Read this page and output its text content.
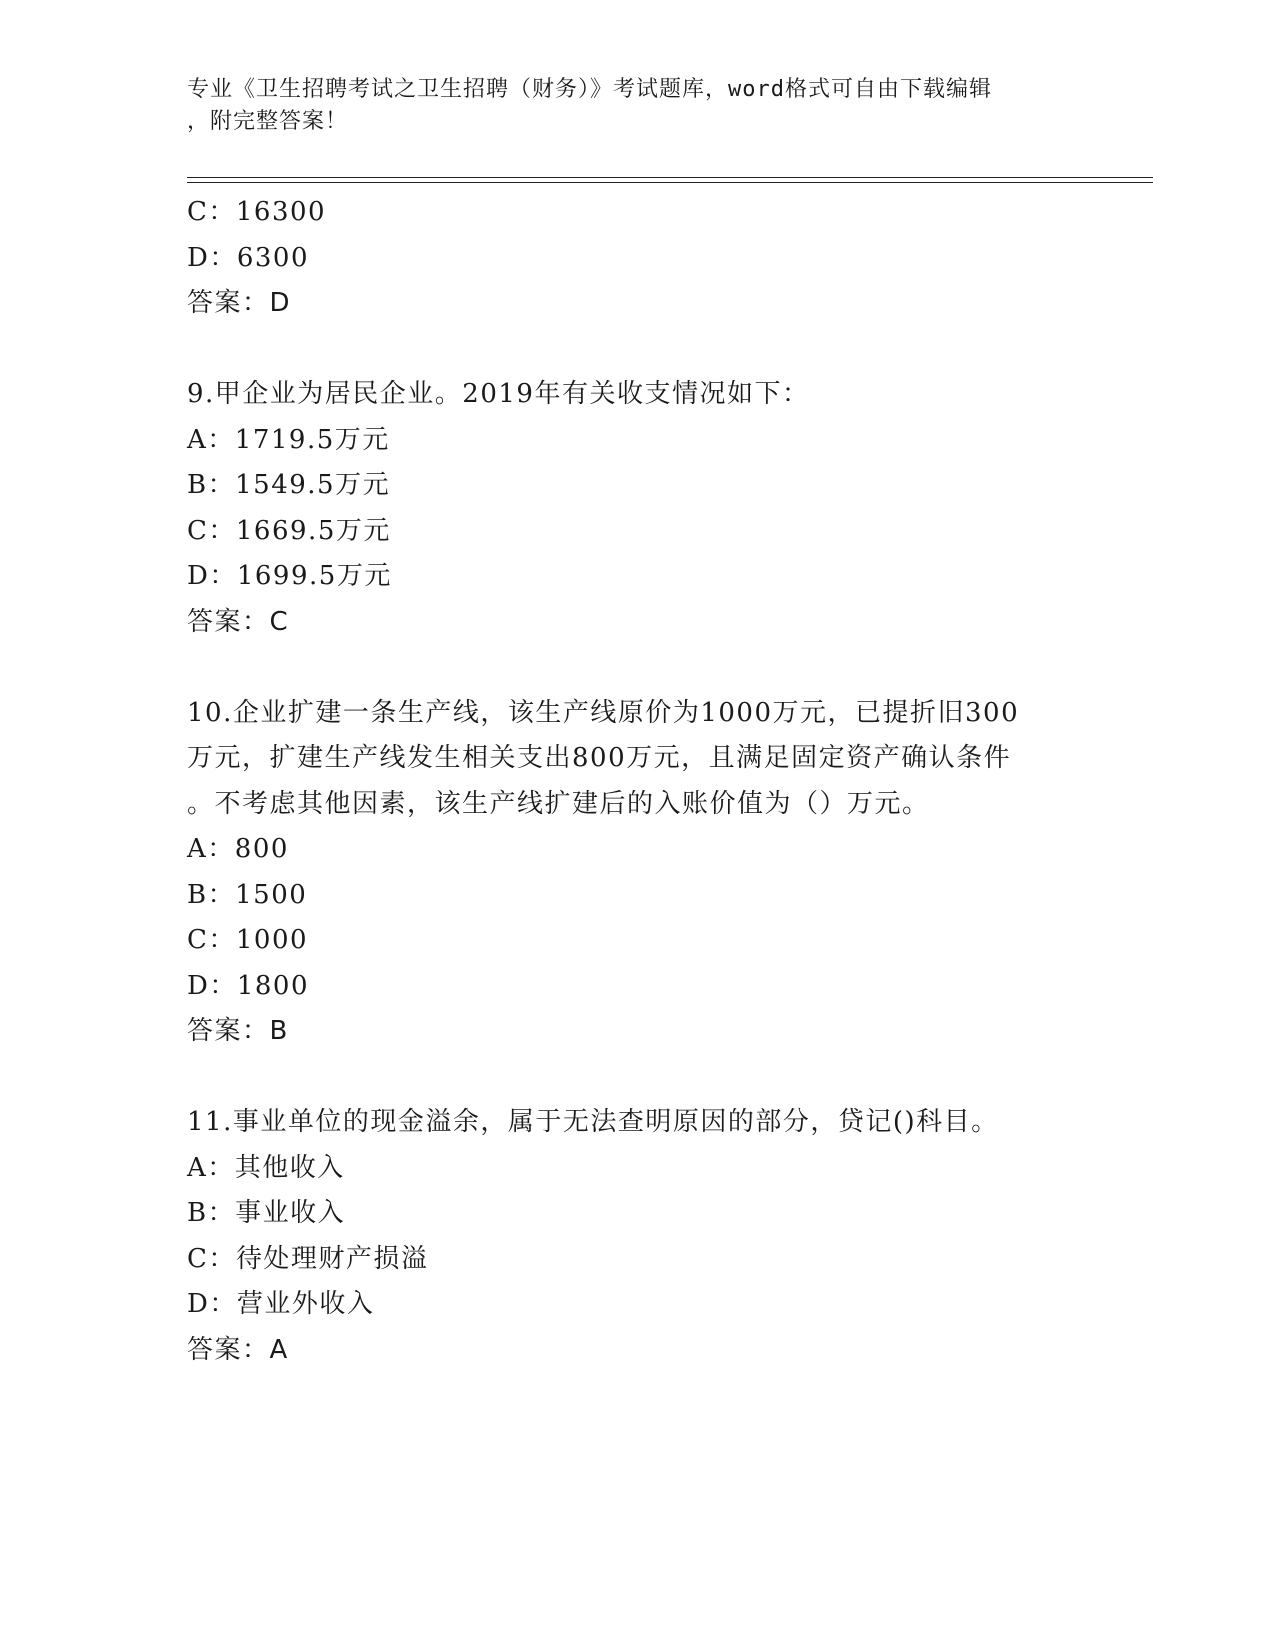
专业《卫生招聘考试之卫生招聘（财务）》考试题库，word格式可自由下载编辑
，附完整答案！
C：16300
D：6300
答案：D
9.甲企业为居民企业。2019年有关收支情况如下：
A：1719.5万元
B：1549.5万元
C：1669.5万元
D：1699.5万元
答案：C
10.企业扩建一条生产线，该生产线原价为1000万元，已提折旧300
万元，扩建生产线发生相关支出800万元，且满足固定资产确认条件
。不考虑其他因素，该生产线扩建后的入账价值为（）万元。
A：800
B：1500
C：1000
D：1800
答案：B
11.事业单位的现金溢余，属于无法查明原因的部分，贷记()科目。
A：其他收入
B：事业收入
C：待处理财产损溢
D：营业外收入
答案：A
